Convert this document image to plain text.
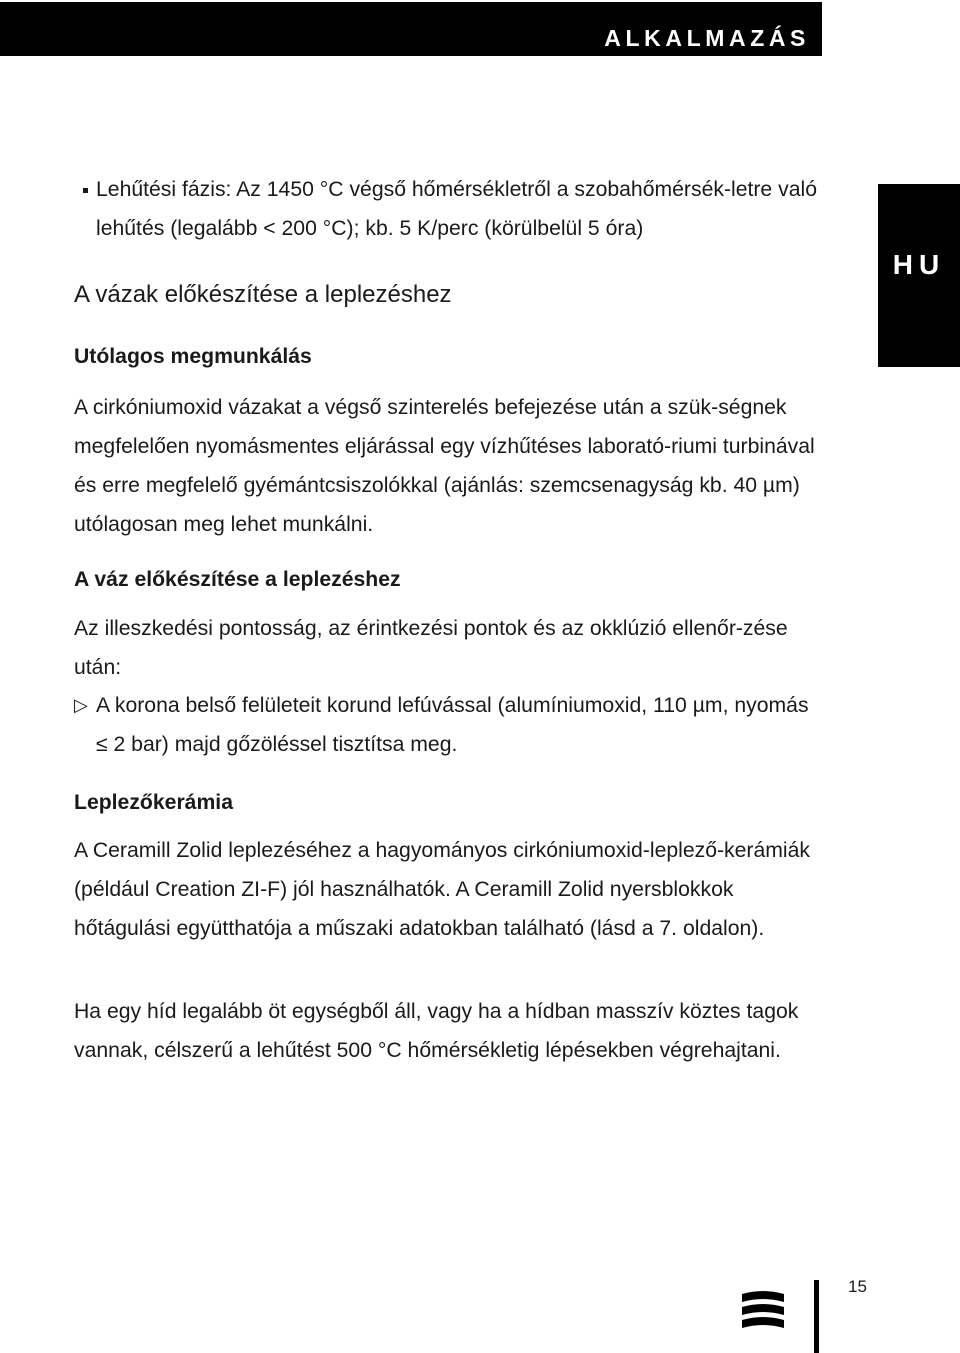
ALKALMAZÁS
HU
Lehűtési fázis: Az 1450 °C végső hőmérsékletről a szobahőmérsék-letre való lehűtés (legalább < 200 °C); kb. 5 K/perc (körülbelül 5 óra)
A vázak előkészítése a leplezéshez
Utólagos megmunkálás

A cirkóniumoxid vázakat a végső szinterelés befejezése után a szük-ségnek megfelelően nyomásmentes eljárással egy vízhűtéses laborató-riumi turbinával és erre megfelelő gyémántcsiszolókkal (ajánlás: szemcsenagyság kb. 40 µm) utólagosan meg lehet munkálni.

A váz előkészítése a leplezéshez

Az illeszkedési pontosság, az érintkezési pontok és az okklúzió ellenőr-zése után:

▷ A korona belső felületeit korund lefúvással (alumíniumoxid, 110 µm, nyomás ≤ 2 bar) majd gőzöléssel tisztítsa meg.
Leplezőkerámia

A Ceramill Zolid leplezéséhez a hagyományos cirkóniumoxid-leplező-kerámiák (például Creation ZI-F) jól használhatók. A Ceramill Zolid nyersblokkok hőtágulási együtthatója a műszaki adatokban található (lásd a 7. oldalon).

Ha egy híd legalább öt egységből áll, vagy ha a hídban masszív köztes tagok vannak, célszerű a lehűtést 500 °C hőmérsékletig lépésekben végrehajtani.

15
